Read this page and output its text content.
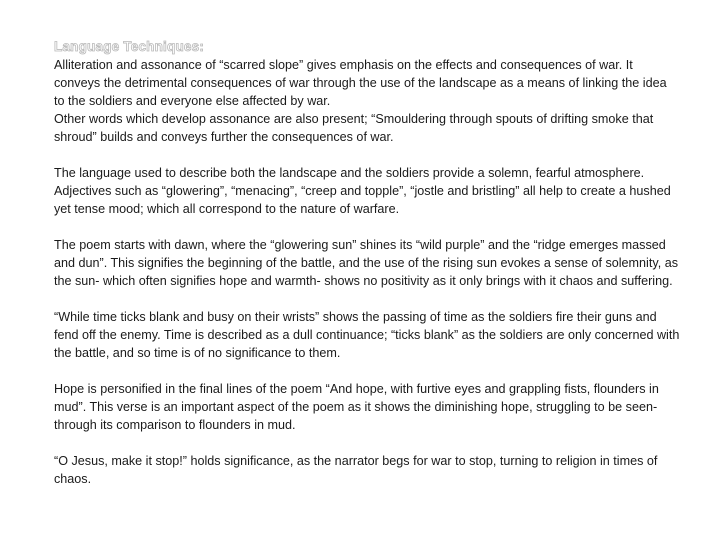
Language Techniques:

Alliteration and assonance of “scarred slope” gives emphasis on the effects and consequences of war. It conveys the detrimental consequences of war through the use of the landscape as a means of linking the idea to the soldiers and everyone else affected by war.

Other words which develop assonance are also present; “Smouldering through spouts of drifting smoke that shroud” builds and conveys further the consequences of war.

The language used to describe both the landscape and the soldiers provide a solemn, fearful atmosphere. Adjectives such as “glowering”, “menacing”, “creep and topple”, “jostle and bristling” all help to create a hushed yet tense mood; which all correspond to the nature of warfare.

The poem starts with dawn, where the “glowering sun” shines its “wild purple” and the “ridge emerges massed and dun”. This signifies the beginning of the battle, and the use of the rising sun evokes a sense of solemnity, as the sun- which often signifies hope and warmth- shows no positivity as it only brings with it chaos and suffering.

“While time ticks blank and busy on their wrists” shows the passing of time as the soldiers fire their guns and fend off the enemy. Time is described as a dull continuance; “ticks blank” as the soldiers are only concerned with the battle, and so time is of no significance to them.

Hope is personified in the final lines of the poem “And hope, with furtive eyes and grappling fists, flounders in mud”. This verse is an important aspect of the poem as it shows the diminishing hope, struggling to be seen-through its comparison to flounders in mud.

“O Jesus, make it stop!” holds significance, as the narrator begs for war to stop, turning to religion in times of chaos.
